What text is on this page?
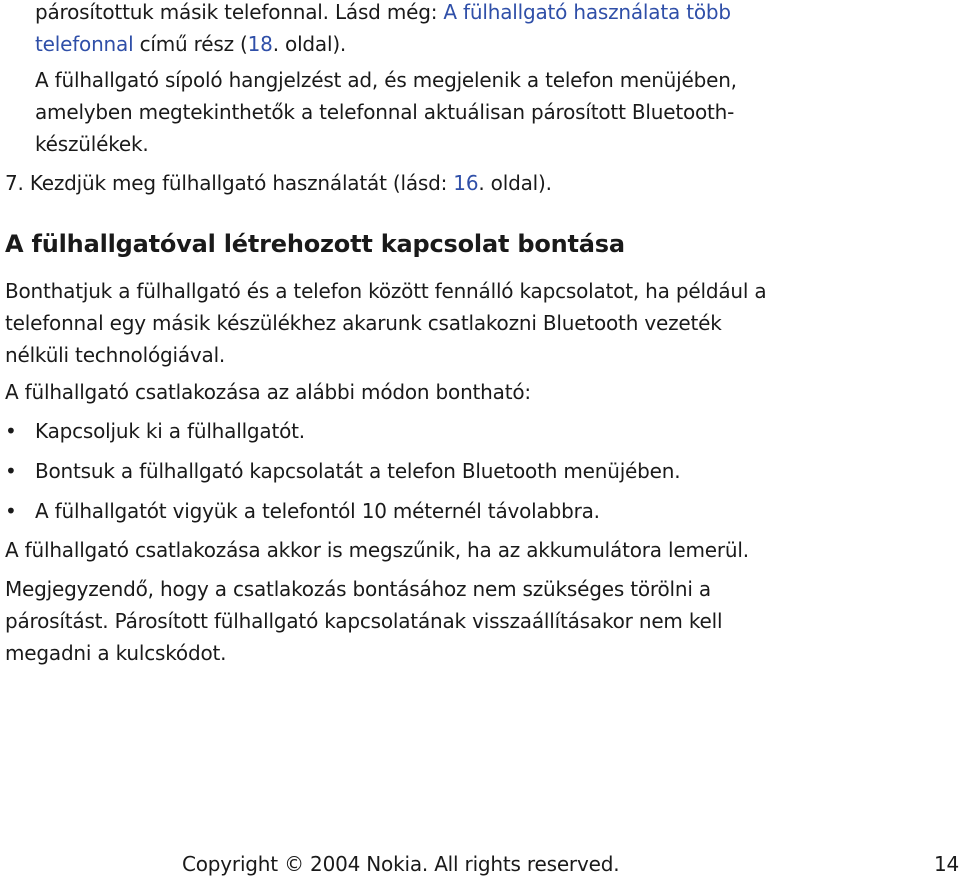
párosítottuk másik telefonnal. Lásd még: A fülhallgató használata több

telefonnal című rész (18. oldal).

A fülhallgató sípoló hangjelzést ad, és megjelenik a telefon menüjében, amelyben megtekinthetők a telefonnal aktuálisan párosított Bluetooth-készülékek.

7. Kezdjük meg fülhallgató használatát (lásd: 16. oldal).

A fülhallgatóval létrehozott kapcsolat bontása

Bonthatjuk a fülhallgató és a telefon között fennálló kapcsolatot, ha például a telefonnal egy másik készülékhez akarunk csatlakozni Bluetooth vezeték nélküli technológiával.

A fülhallgató csatlakozása az alábbi módon bontható:

• Kapcsoljuk ki a fülhallgatót.
• Bontsuk a fülhallgató kapcsolatát a telefon Bluetooth menüjében.
• A fülhallgatót vigyük a telefontól 10 méternél távolabbra.

A fülhallgató csatlakozása akkor is megszűnik, ha az akkumulátora lemerül.

Megjegyzendő, hogy a csatlakozás bontásához nem szükséges törölni a párosítást. Párosított fülhallgató kapcsolatának visszaállításakor nem kell megadni a kulcskódot.

Copyright © 2004 Nokia. All rights reserved.	14
